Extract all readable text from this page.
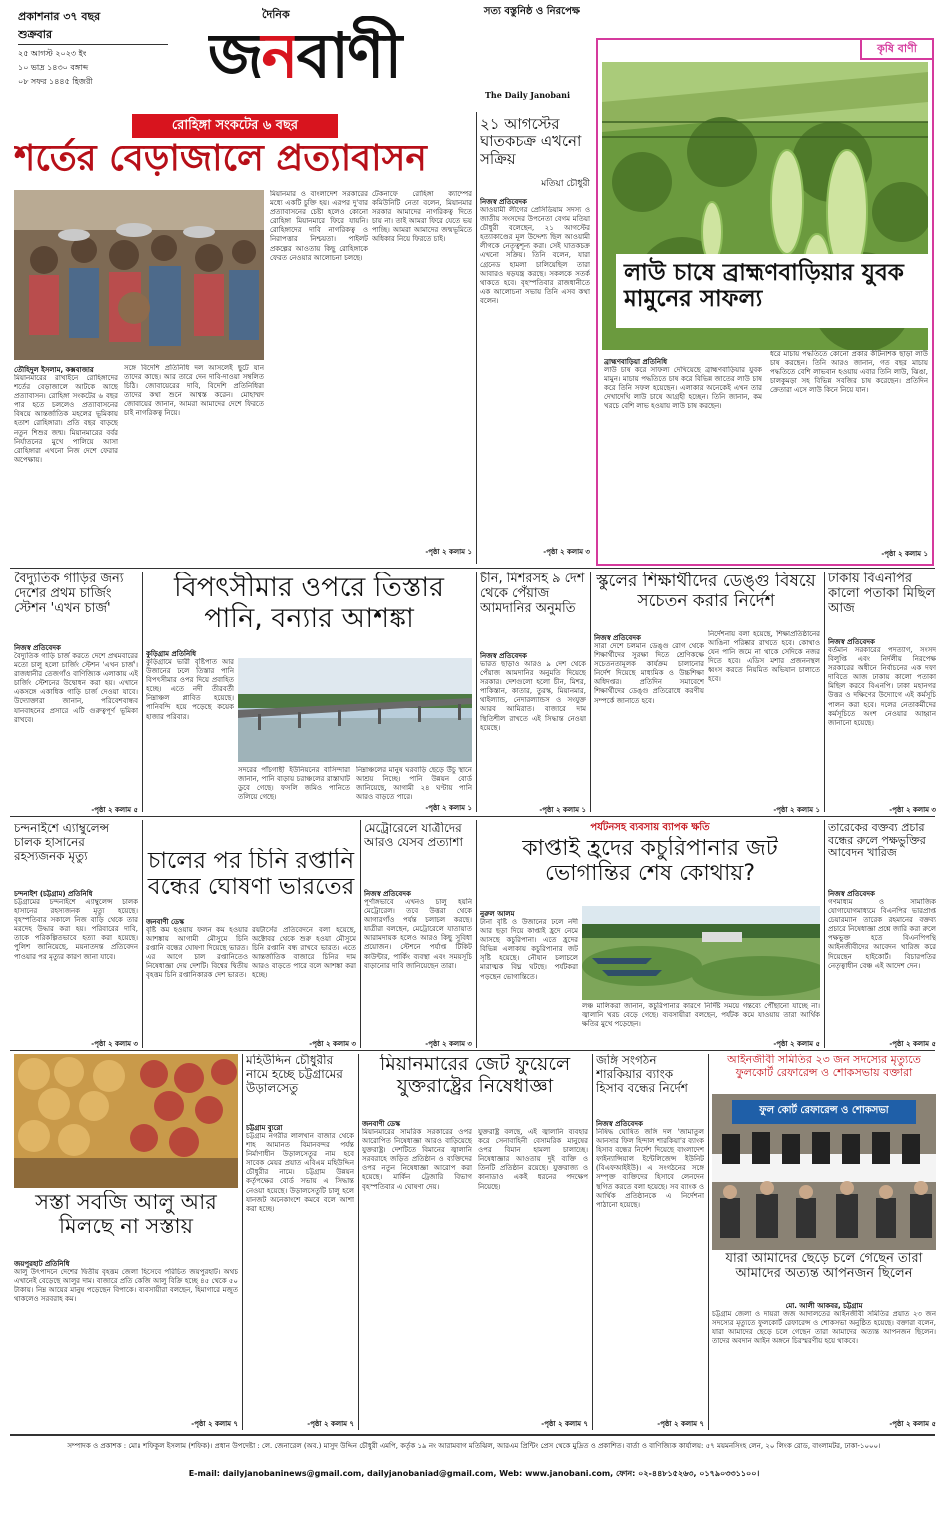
প্রকাশনার ৩৭ বছর
শুক্রবার
২৫ আগস্ট ২০২৩ ইং
১০ ভাদ্র ১৪৩০ বঙ্গাব্দ
০৮ সফর ১৪৪৫ হিজরী
দৈনিক
জনবাণী
সত্য বস্তুনিষ্ঠ ও নিরপেক্ষ
The Daily Janobani
কৃষি বাণী
লাউ চাষে ব্রাহ্মণবাড়িয়ার যুবক মামুনের সাফল্য
ব্রাহ্মণবাড়িয়া প্রতিনিধি
লাউ চাষ করে সাফল্য দেখিয়েছে ব্রাহ্মণবাড়িয়ার যুবক মামুন। মাচায় পদ্ধতিতে চাষ করে বিভিন্ন জাতের লাউ চাষ করে তিনি সফল হয়েছেন। এলাকার অনেকেই এখন তার দেখাদেখি লাউ চাষে আগ্রহী হচ্ছেন। তিনি জানান, কম খরচে বেশি লাভ হওয়ায় লাউ চাষ করছেন।
ধরে মাচায় পদ্ধতিতে কোনো প্রকার কীটনাশক ছাড়া লাউ চাষ করছেন। তিনি আরও জানান, গত বছর মাচায় পদ্ধতিতে বেশি লাভবান হওয়ায় এবার তিনি লাউ, ঝিঙা, চালকুমড়া সহ বিভিন্ন সবজির চাষ করেছেন। প্রতিদিন ক্রেতারা এসে লাউ কিনে নিয়ে যান।
-পৃষ্ঠা ২ কলাম ১
রোহিঙ্গা সংকটের ৬ বছর
শর্তের বেড়াজালে প্রত্যাবাসন
তৌহিদুল ইসলাম, কক্সবাজার
মিয়ানমারের রাখাইনে রোহিঙ্গাদের শর্তের বেড়াজালে আটকে আছে প্রত্যাবাসন। রোহিঙ্গা সংকটের ৬ বছর পার হতে চললেও প্রত্যাবাসনের বিষয়ে আন্তর্জাতিক মহলের ভূমিকায় হতাশ রোহিঙ্গারা। প্রতি বছর বাড়ছে নতুন শিশুর জন্ম। মিয়ানমারের বর্বর নির্যাতনের মুখে পালিয়ে আসা রোহিঙ্গারা এখনো নিজ দেশে ফেরার অপেক্ষায়।
সঙ্গে বিদেশি প্রতিনিধি দল আসলেই ছুটে যান তাদের কাছে। আর তারে দেন দাবি-দাওয়া সম্বলিত চিঠি। জোবায়েরের দাবি, বিদেশি প্রতিনিধিরা তাদের কথা শুনে আশ্বস্ত করেন। মোহাম্মদ জোবায়ের জানান, আমরা আমাদের দেশে ফিরতে চাই নাগরিকত্ব নিয়ে।
মিয়ানমার ও বাংলাদেশ সরকারের মধ্যে একটি চুক্তি হয়। এরপর দু'বার প্রত্যাবাসনের চেষ্টা হলেও কোনো রোহিঙ্গা মিয়ানমারে ফিরে যায়নি। রোহিঙ্গাদের দাবি নাগরিকত্ব ও নিরাপত্তার নিশ্চয়তা। পাইলট প্রকল্পের আওতায় কিছু রোহিঙ্গাকে ফেরত নেওয়ার আলোচনা চলছে।
টেকনাফে রোহিঙ্গা ক্যাম্পের কমিউনিটি নেতা বলেন, মিয়ানমার সরকার আমাদের নাগরিকত্ব দিতে চায় না। তাই আমরা ফিরে যেতে ভয় পাচ্ছি। আমরা আমাদের জন্মভূমিতে অধিকার নিয়ে ফিরতে চাই।
-পৃষ্ঠা ২ কলাম ১
২১ আগস্টের ঘাতকচক্র এখনো সক্রিয়
মতিয়া চৌধুরী
নিজস্ব প্রতিবেদক
আওয়ামী লীগের প্রেসিডিয়াম সদস্য ও জাতীয় সংসদের উপনেতা বেগম মতিয়া চৌধুরী বলেছেন, ২১ আগস্টের হত্যাকাণ্ডের মূল উদ্দেশ্য ছিল আওয়ামী লীগকে নেতৃত্বশূন্য করা। সেই ঘাতকচক্র এখনো সক্রিয়। তিনি বলেন, যারা গ্রেনেড হামলা চালিয়েছিল তারা আবারও ষড়যন্ত্র করছে। সকলকে সতর্ক থাকতে হবে। বৃহস্পতিবার রাজধানীতে এক আলোচনা সভায় তিনি এসব কথা বলেন।
-পৃষ্ঠা ২ কলাম ৩
বৈদ্যুতিক গাড়ির জন্য দেশের প্রথম চার্জিং স্টেশন 'এখন চার্জ'
নিজস্ব প্রতিবেদক
বৈদ্যুতিক গাড়ি চার্জ করতে দেশে প্রথমবারের মতো চালু হলো চার্জিং স্টেশন 'এখন চার্জ'। রাজধানীর তেজগাঁও বাণিজ্যিক এলাকায় এই চার্জিং স্টেশনের উদ্বোধন করা হয়। এখানে একসঙ্গে একাধিক গাড়ি চার্জ দেওয়া যাবে। উদ্যোক্তারা জানান, পরিবেশবান্ধব যানবাহনের প্রসারে এটি গুরুত্বপূর্ণ ভূমিকা রাখবে।
-পৃষ্ঠা ২ কলাম ৫
বিপৎসীমার ওপরে তিস্তার পানি, বন্যার আশঙ্কা
কুড়িগ্রাম প্রতিনিধি
কুড়িগ্রামে ভারী বৃষ্টিপাত আর উজানের ঢলে তিস্তার পানি বিপৎসীমার ওপর দিয়ে প্রবাহিত হচ্ছে। এতে নদী তীরবর্তী নিম্নাঞ্চল প্লাবিত হয়েছে। পানিবন্দি হয়ে পড়েছে কয়েক হাজার পরিবার।
সদরের পাঁচগাছী ইউনিয়নের বাসিন্দারা জানান, পানি বাড়ায় চরাঞ্চলের রাস্তাঘাট ডুবে গেছে। ফসলি জমিও পানিতে তলিয়ে গেছে।
নিম্নাঞ্চলের মানুষ ঘরবাড়ি ছেড়ে উঁচু স্থানে আশ্রয় নিচ্ছে। পানি উন্নয়ন বোর্ড জানিয়েছে, আগামী ২৪ ঘণ্টায় পানি আরও বাড়তে পারে।
-পৃষ্ঠা ২ কলাম ১
চীন, মিশরসহ ৯ দেশ থেকে পেঁয়াজ আমদানির অনুমতি
নিজস্ব প্রতিবেদক
ভারত ছাড়াও আরও ৯ দেশ থেকে পেঁয়াজ আমদানির অনুমতি দিয়েছে সরকার। দেশগুলো হলো চীন, মিশর, পাকিস্তান, কাতার, তুরস্ক, মিয়ানমার, থাইল্যান্ড, নেদারল্যান্ডস ও সংযুক্ত আরব আমিরাত। বাজারে দাম স্থিতিশীল রাখতে এই সিদ্ধান্ত নেওয়া হয়েছে।
-পৃষ্ঠা ২ কলাম ১
স্কুলের শিক্ষার্থীদের ডেঙ্গু বিষয়ে সচেতন করার নির্দেশ
নিজস্ব প্রতিবেদক
সারা দেশে চলমান ডেঙ্গু রোগ থেকে শিক্ষার্থীদের সুরক্ষা দিতে শ্রেণিকক্ষে সচেতনতামূলক কার্যক্রম চালানোর নির্দেশ দিয়েছে মাধ্যমিক ও উচ্চশিক্ষা অধিদপ্তর। প্রতিদিন সমাবেশে শিক্ষার্থীদের ডেঙ্গু প্রতিরোধে করণীয় সম্পর্কে জানাতে হবে।
নির্দেশনায় বলা হয়েছে, শিক্ষাপ্রতিষ্ঠানের আঙিনা পরিষ্কার রাখতে হবে। কোথাও যেন পানি জমে না থাকে সেদিকে নজর দিতে হবে। এডিস মশার প্রজননস্থল ধ্বংস করতে নিয়মিত অভিযান চালাতে হবে।
-পৃষ্ঠা ২ কলাম ১
ঢাকায় বিএনপির কালো পতাকা মিছিল আজ
নিজস্ব প্রতিবেদক
বর্তমান সরকারের পদত্যাগ, সংসদ বিলুপ্তি এবং নির্দলীয় নিরপেক্ষ সরকারের অধীনে নির্বাচনের এক দফা দাবিতে আজ ঢাকায় কালো পতাকা মিছিল করবে বিএনপি। ঢাকা মহানগর উত্তর ও দক্ষিণের উদ্যোগে এই কর্মসূচি পালন করা হবে। দলের নেতাকর্মীদের কর্মসূচিতে অংশ নেওয়ার আহ্বান জানানো হয়েছে।
-পৃষ্ঠা ২ কলাম ৩
চন্দনাইশে এ্যাম্বুলেন্স চালক হাসানের রহস্যজনক মৃত্যু
চন্দনাইশ (চট্টগ্রাম) প্রতিনিধি
চট্টগ্রামের চন্দনাইশে এ্যাম্বুলেন্স চালক হাসানের রহস্যজনক মৃত্যু হয়েছে। বৃহস্পতিবার সকালে নিজ বাড়ি থেকে তার মরদেহ উদ্ধার করা হয়। পরিবারের দাবি, তাকে পরিকল্পিতভাবে হত্যা করা হয়েছে। পুলিশ জানিয়েছে, ময়নাতদন্ত প্রতিবেদন পাওয়ার পর মৃত্যুর কারণ জানা যাবে।
-পৃষ্ঠা ২ কলাম ৩
চালের পর চিনি রপ্তানি বন্ধের ঘোষণা ভারতের
জনবাণী ডেস্ক
বৃষ্টি কম হওয়ায় ফলন কম হওয়ার আশঙ্কায় আগামী মৌসুমে চিনি রপ্তানি বন্ধের ঘোষণা দিয়েছে ভারত। এর আগে চাল রপ্তানিতেও নিষেধাজ্ঞা দেয় দেশটি। বিশ্বের দ্বিতীয় বৃহত্তম চিনি রপ্তানিকারক দেশ ভারত।
রয়টার্সের প্রতিবেদনে বলা হয়েছে, অক্টোবর থেকে শুরু হওয়া মৌসুমে চিনি রপ্তানি বন্ধ রাখবে ভারত। এতে আন্তর্জাতিক বাজারে চিনির দাম আরও বাড়তে পারে বলে আশঙ্কা করা হচ্ছে।
-পৃষ্ঠা ২ কলাম ৩
মেট্রোরেলে যাত্রীদের আরও যেসব প্রত্যাশা
নিজস্ব প্রতিবেদক
পূর্ণাঙ্গভাবে এখনও চালু হয়নি মেট্রোরেল। তবে উত্তরা থেকে আগারগাঁও পর্যন্ত চলাচল করছে। যাত্রীরা বলছেন, মেট্রোরেলে যাতায়াত আরামদায়ক হলেও আরও কিছু সুবিধা প্রয়োজন। স্টেশনে পর্যাপ্ত টিকিট কাউন্টার, পার্কিং ব্যবস্থা এবং সময়সূচি বাড়ানোর দাবি জানিয়েছেন তারা।
-পৃষ্ঠা ২ কলাম ৩
পর্যটনসহ ব্যবসায় ব্যাপক ক্ষতি
কাপ্তাই হ্রদের কচুরিপানার জট ভোগান্তির শেষ কোথায়?
নুরুল আলম
টানা বৃষ্টি ও উজানের ঢলে নদী আর ছড়া দিয়ে কাপ্তাই হ্রদে নেমে আসছে কচুরিপানা। এতে হ্রদের বিভিন্ন এলাকায় কচুরিপানার জট সৃষ্টি হয়েছে। নৌযান চলাচলে মারাত্মক বিঘ্ন ঘটছে। পর্যটকরা পড়ছেন ভোগান্তিতে।
লঞ্চ মালিকরা জানান, কচুরিপানার কারণে নির্দিষ্ট সময়ে গন্তব্যে পৌঁছানো যাচ্ছে না। জ্বালানি খরচ বেড়ে গেছে। ব্যবসায়ীরা বলছেন, পর্যটক কমে যাওয়ায় তারা আর্থিক ক্ষতির মুখে পড়েছেন।
-পৃষ্ঠা ২ কলাম ৫
তারেকের বক্তব্য প্রচার বন্ধের রুলে পক্ষভুক্তির আবেদন খারিজ
নিজস্ব প্রতিবেদক
গণমাধ্যম ও সামাজিক যোগাযোগমাধ্যমে বিএনপির ভারপ্রাপ্ত চেয়ারম্যান তারেক রহমানের বক্তব্য প্রচারে নিষেধাজ্ঞা প্রশ্নে জারি করা রুলে পক্ষভুক্ত হতে বিএনপিপন্থি আইনজীবীদের আবেদন খারিজ করে দিয়েছেন হাইকোর্ট। বিচারপতির নেতৃত্বাধীন বেঞ্চ এই আদেশ দেন।
-পৃষ্ঠা ২ কলাম ৫
সস্তা সবজি আলু আর মিলছে না সস্তায়
জয়পুরহাট প্রতিনিধি
আলু উৎপাদনে দেশের দ্বিতীয় বৃহত্তম জেলা হিসেবে পরিচিত জয়পুরহাট। অথচ এখানেই বেড়েছে আলুর দাম। বাজারে প্রতি কেজি আলু বিক্রি হচ্ছে ৪৫ থেকে ৫০ টাকায়। নিম্ন আয়ের মানুষ পড়েছেন বিপাকে। ব্যবসায়ীরা বলছেন, হিমাগারে মজুত থাকলেও সরবরাহ কম।
-পৃষ্ঠা ২ কলাম ৭
মহিউদ্দিন চৌধুরীর নামে হচ্ছে চট্টগ্রামের উড়ালসেতু
চট্টগ্রাম ব্যুরো
চট্টগ্রাম নগরীর লালখান বাজার থেকে শাহ আমানত বিমানবন্দর পর্যন্ত নির্মাণাধীন উড়ালসেতুর নাম হবে সাবেক মেয়র প্রয়াত এবিএম মহিউদ্দিন চৌধুরীর নামে। চট্টগ্রাম উন্নয়ন কর্তৃপক্ষের বোর্ড সভায় এ সিদ্ধান্ত নেওয়া হয়েছে। উড়ালসেতুটি চালু হলে যানজট অনেকাংশে কমবে বলে আশা করা হচ্ছে।
-পৃষ্ঠা ২ কলাম ৭
মিয়ানমারের জেট ফুয়েলে যুক্তরাষ্ট্রের নিষেধাজ্ঞা
জনবাণী ডেস্ক
মিয়ানমারের সামরিক সরকারের ওপর আরোপিত নিষেধাজ্ঞা আরও বাড়িয়েছে যুক্তরাষ্ট্র। দেশটিতে বিমানের জ্বালানি সরবরাহে জড়িত প্রতিষ্ঠান ও ব্যক্তিদের ওপর নতুন নিষেধাজ্ঞা আরোপ করা হয়েছে। মার্কিন ট্রেজারি বিভাগ বৃহস্পতিবার এ ঘোষণা দেয়।
যুক্তরাষ্ট্র বলছে, এই জ্বালানি ব্যবহার করে সেনাবাহিনী বেসামরিক মানুষের ওপর বিমান হামলা চালাচ্ছে। নিষেধাজ্ঞার আওতায় দুই ব্যক্তি ও তিনটি প্রতিষ্ঠান রয়েছে। যুক্তরাজ্য ও কানাডাও একই ধরনের পদক্ষেপ নিয়েছে।
-পৃষ্ঠা ২ কলাম ৭
জঙ্গি সংগঠন শারকিয়ার ব্যাংক হিসাব বন্ধের নির্দেশ
নিজস্ব প্রতিবেদক
নিষিদ্ধ ঘোষিত জঙ্গি দল 'জামাতুল আনসার ফিল হিন্দাল শারকিয়া'র ব্যাংক হিসাব বন্ধের নির্দেশ দিয়েছে বাংলাদেশ ফাইন্যান্সিয়াল ইন্টেলিজেন্স ইউনিট (বিএফআইইউ)। এ সংগঠনের সঙ্গে সম্পৃক্ত ব্যক্তিদের হিসাবে লেনদেন স্থগিত করতে বলা হয়েছে। সব ব্যাংক ও আর্থিক প্রতিষ্ঠানকে এ নির্দেশনা পাঠানো হয়েছে।
-পৃষ্ঠা ২ কলাম ৭
আইনজীবী সমিতির ২৩ জন সদস্যের মৃত্যুতে ফুলকোর্ট রেফারেন্স ও শোকসভায় বক্তারা
ফুল কোর্ট রেফারেন্স ও শোকসভা
যারা আমাদের ছেড়ে চলে গেছেন তারা আমাদের অত্যন্ত আপনজন ছিলেন
মো. আলী আকবর, চট্টগ্রাম
চট্টগ্রাম জেলা ও দায়রা জজ আদালতের আইনজীবী সমিতির প্রয়াত ২৩ জন সদস্যের মৃত্যুতে ফুলকোর্ট রেফারেন্স ও শোকসভা অনুষ্ঠিত হয়েছে। বক্তারা বলেন, যারা আমাদের ছেড়ে চলে গেছেন তারা আমাদের অত্যন্ত আপনজন ছিলেন। তাদের অবদান আইন অঙ্গনে চিরস্মরণীয় হয়ে থাকবে।
-পৃষ্ঠা ২ কলাম ৫
সম্পাদক ও প্রকাশক : মোঃ শফিকুল ইসলাম (শফিক)। প্রধান উপদেষ্টা : লে. জেনারেল (অব.) মাসুদ উদ্দিন চৌধুরী এমপি, কর্তৃক ১৯ নং আরামবাগ মতিঝিল, আরএম প্রিন্টিং প্রেস থেকে মুদ্রিত ও প্রকাশিত। বার্তা ও বাণিজ্যিক কার্যালয়: ৫৭ ময়মনসিংহ লেন, ২০ লিংক রোড, বাংলামটর, ঢাকা-১০০০।
E-mail: dailyjanobaninews@gmail.com, dailyjanobaniad@gmail.com, Web: www.janobani.com, ফোন: ০২-৪৪৮১৫২৬৩, ০১৭৯০৩৩১১০০।
